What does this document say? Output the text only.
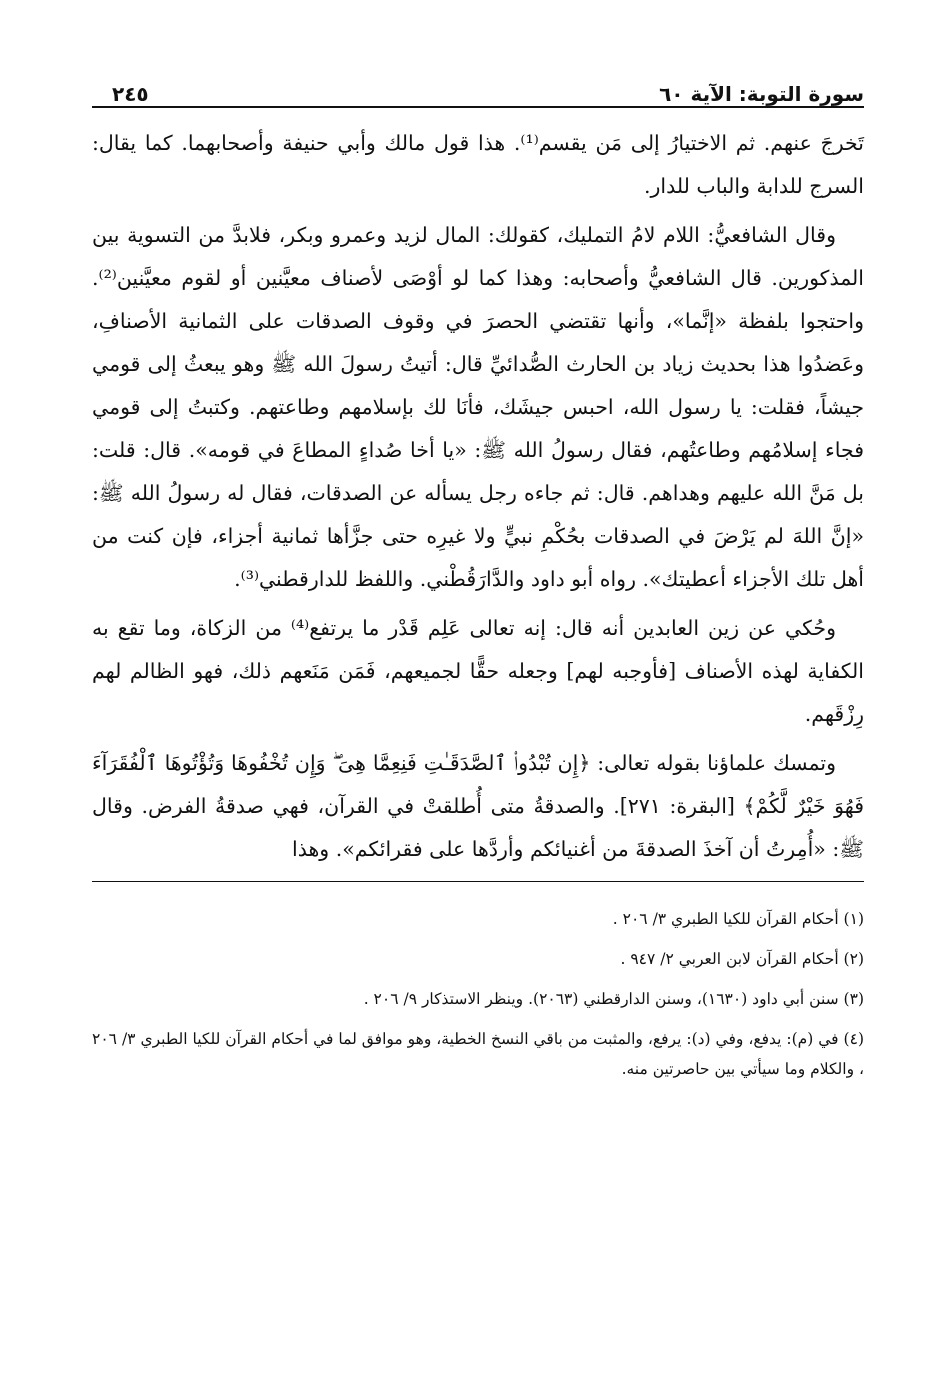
سورة التوبة: الآية ٦٠
٢٤٥

تَخرجَ عنهم. ثم الاختيارُ إلى مَن يقسم⁽¹⁾. هذا قول مالك وأبي حنيفة وأصحابهما. كما يقال: السرج للدابة والباب للدار.

وقال الشافعيُّ: اللام لامُ التمليك، كقولك: المال لزيد وعمرو وبكر، فلابدَّ من التسوية بين المذكورين. قال الشافعيُّ وأصحابه: وهذا كما لو أوْصَى لأصناف معيَّنين أو لقوم معيَّنين⁽²⁾. واحتجوا بلفظة «إنَّما»، وأنها تقتضي الحصرَ في وقوف الصدقات على الثمانية الأصنافِ، وعَضدُوا هذا بحديث زياد بن الحارث الصُّدائيِّ قال: أتيتُ رسولَ الله ﷺ وهو يبعثُ إلى قومي جيشاً، فقلت: يا رسول الله، احبس جيشَك، فأنَا لك بإسلامهم وطاعتهم. وكتبتُ إلى قومي فجاء إسلامُهم وطاعتُهم، فقال رسولُ الله ﷺ: «يا أخا صُداءٍ المطاعَ في قومه». قال: قلت: بل مَنَّ الله عليهم وهداهم. قال: ثم جاءه رجل يسأله عن الصدقات، فقال له رسولُ الله ﷺ: «إنَّ اللهَ لم يَرْضَ في الصدقات بحُكْمِ نبيٍّ ولا غيرِه حتى جزَّأها ثمانية أجزاء، فإن كنت من أهل تلك الأجزاء أعطيتك». رواه أبو داود والدَّارَقُطْني. واللفظ للدارقطني⁽³⁾.

وحُكي عن زين العابدين أنه قال: إنه تعالى عَلِم قَدْر ما يرتفع⁽⁴⁾ من الزكاة، وما تقع به الكفاية لهذه الأصناف [فأوجبه لهم] وجعله حقًّا لجميعهم، فَمَن مَنَعهم ذلك، فهو الظالم لهم رِزْقَهم.

وتمسك علماؤنا بقوله تعالى: ﴿إِن تُبْدُوا۟ ٱلصَّدَقَـٰتِ فَنِعِمَّا هِىَ ۖ وَإِن تُخْفُوهَا وَتُؤْتُوهَا ٱلْفُقَرَآءَ فَهُوَ خَيْرٌ لَّكُمْ﴾ [البقرة: ٢٧١]. والصدقةُ متى أُطلقتْ في القرآن، فهي صدقةُ الفرض. وقال ﷺ: «أُمِرتُ أن آخذَ الصدقةَ من أغنيائكم وأردَّها على فقرائكم». وهذا

(١) أحكام القرآن للكيا الطبري ٣/ ٢٠٦ .

(٢) أحكام القرآن لابن العربي ٢/ ٩٤٧ .

(٣) سنن أبي داود (١٦٣٠)، وسنن الدارقطني (٢٠٦٣). وينظر الاستذكار ٩/ ٢٠٦ .

(٤) في (م): يدفع، وفي (د): يرفع، والمثبت من باقي النسخ الخطية، وهو موافق لما في أحكام القرآن للكيا الطبري ٣/ ٢٠٦ ، والكلام وما سيأتي بين حاصرتين منه.
